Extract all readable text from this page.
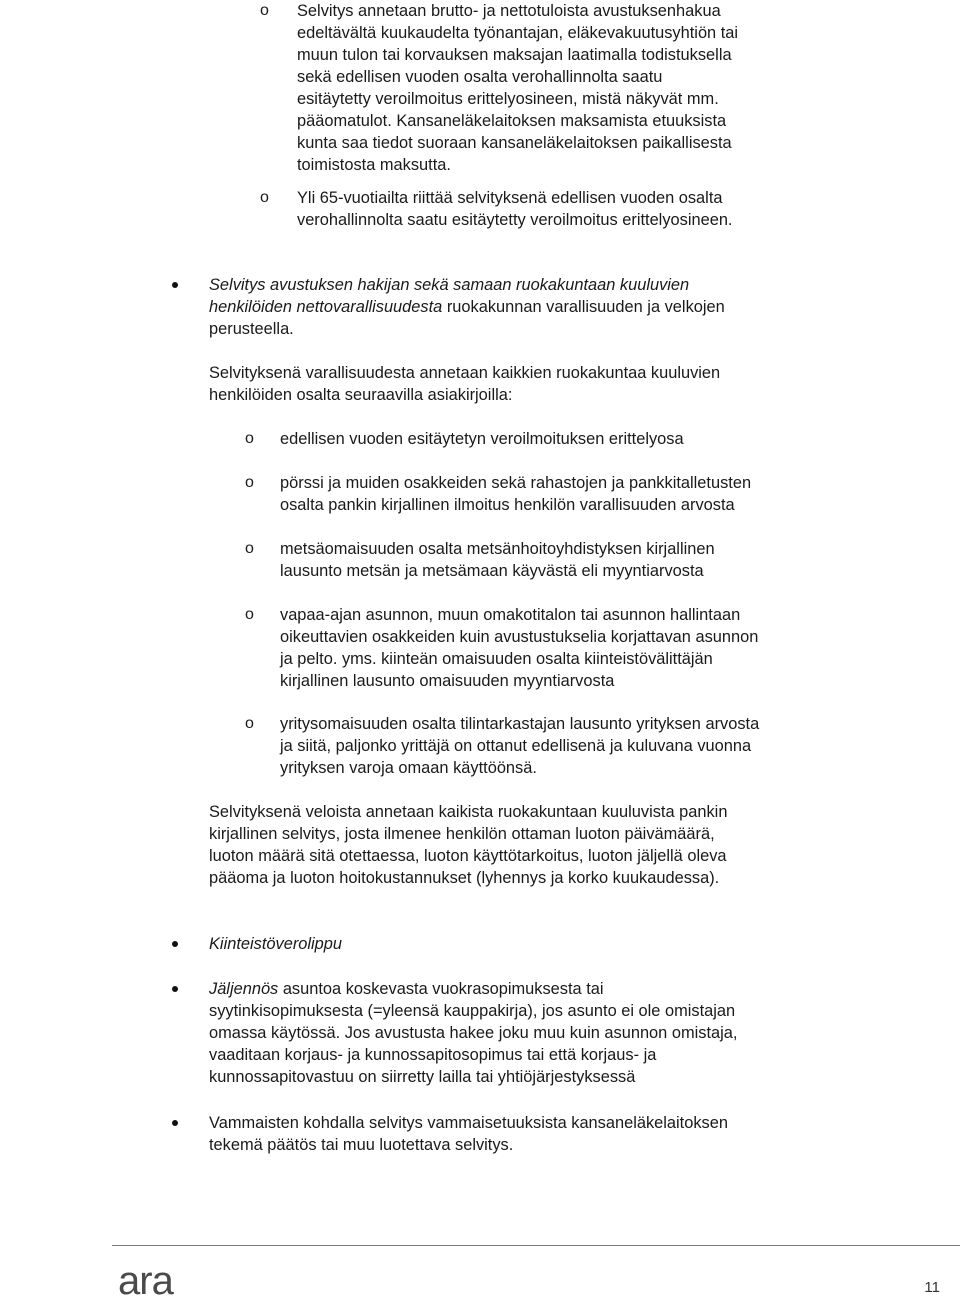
o Selvitys annetaan brutto- ja nettotuloista avustuksenhakua
edeltävältä kuukaudelta työnantajan, eläkevakuutusyhtiön tai
muun tulon tai korvauksen maksajan laatimalla todistuksella
sekä edellisen vuoden osalta verohallinnolta saatu
esitäytetty veroilmoitus erittelyosineen, mistä näkyvät mm.
pääomatulot. Kansaneläkelaitoksen maksamista etuuksista
kunta saa tiedot suoraan kansaneläkelaitoksen paikallisesta
toimistosta maksutta.
o Yli 65-vuotiailta riittää selvityksenä edellisen vuoden osalta
verohallinnolta saatu esitäytetty veroilmoitus erittelyosineen.
Selvitys avustuksen hakijan sekä samaan ruokakuntaan kuuluvien
henkilöiden nettovarallisuudesta ruokakunnan varallisuuden ja velkojen
perusteella.
Selvityksenä varallisuudesta annetaan kaikkien ruokakuntaa kuuluvien
henkilöiden osalta seuraavilla asiakirjoilla:
o edellisen vuoden esitäytetyn veroilmoituksen erittelyosa
o pörssi ja muiden osakkeiden sekä rahastojen ja pankkitalletusten
osalta pankin kirjallinen ilmoitus henkilön varallisuuden arvosta
o metsäomaisuuden osalta metsänhoitoyhdistyksen kirjallinen
lausunto metsän ja metsämaan käyvästä eli myyntiarvosta
o vapaa-ajan asunnon, muun omakotitalon tai asunnon hallintaan
oikeuttavien osakkeiden kuin avustustukselia korjattavan asunnon
ja pelto. yms. kiinteän omaisuuden osalta kiinteistövälittäjän
kirjallinen lausunto omaisuuden myyntiarvosta
o yritysomaisuuden osalta tilintarkastajan lausunto yrityksen arvosta
ja siitä, paljonko yrittäjä on ottanut edellisenä ja kuluvana vuonna
yrityksen varoja omaan käyttöönsä.
Selvityksenä veloista annetaan kaikista ruokakuntaan kuuluvista pankin
kirjallinen selvitys, josta ilmenee henkilön ottaman luoton päivämäärä,
luoton määrä sitä otettaessa, luoton käyttötarkoitus, luoton jäljellä oleva
pääoma ja luoton hoitokustannukset (lyhennys ja korko kuukaudessa).
Kiinteistöverolippu
Jäljennös asuntoa koskevasta vuokrasopimuksesta tai
syytinkisopimuksesta (=yleensä kauppakirja), jos asunto ei ole omistajan
omassa käytössä. Jos avustusta hakee joku muu kuin asunnon omistaja,
vaaditaan korjaus- ja kunnossapitosopimus tai että korjaus- ja
kunnossapitovastuu on siirretty lailla tai yhtiöjärjestyksessä
Vammaisten kohdalla selvitys vammaisetuuksista kansaneläkelaitoksen
tekemä päätös tai muu luotettava selvitys.
ara	11
